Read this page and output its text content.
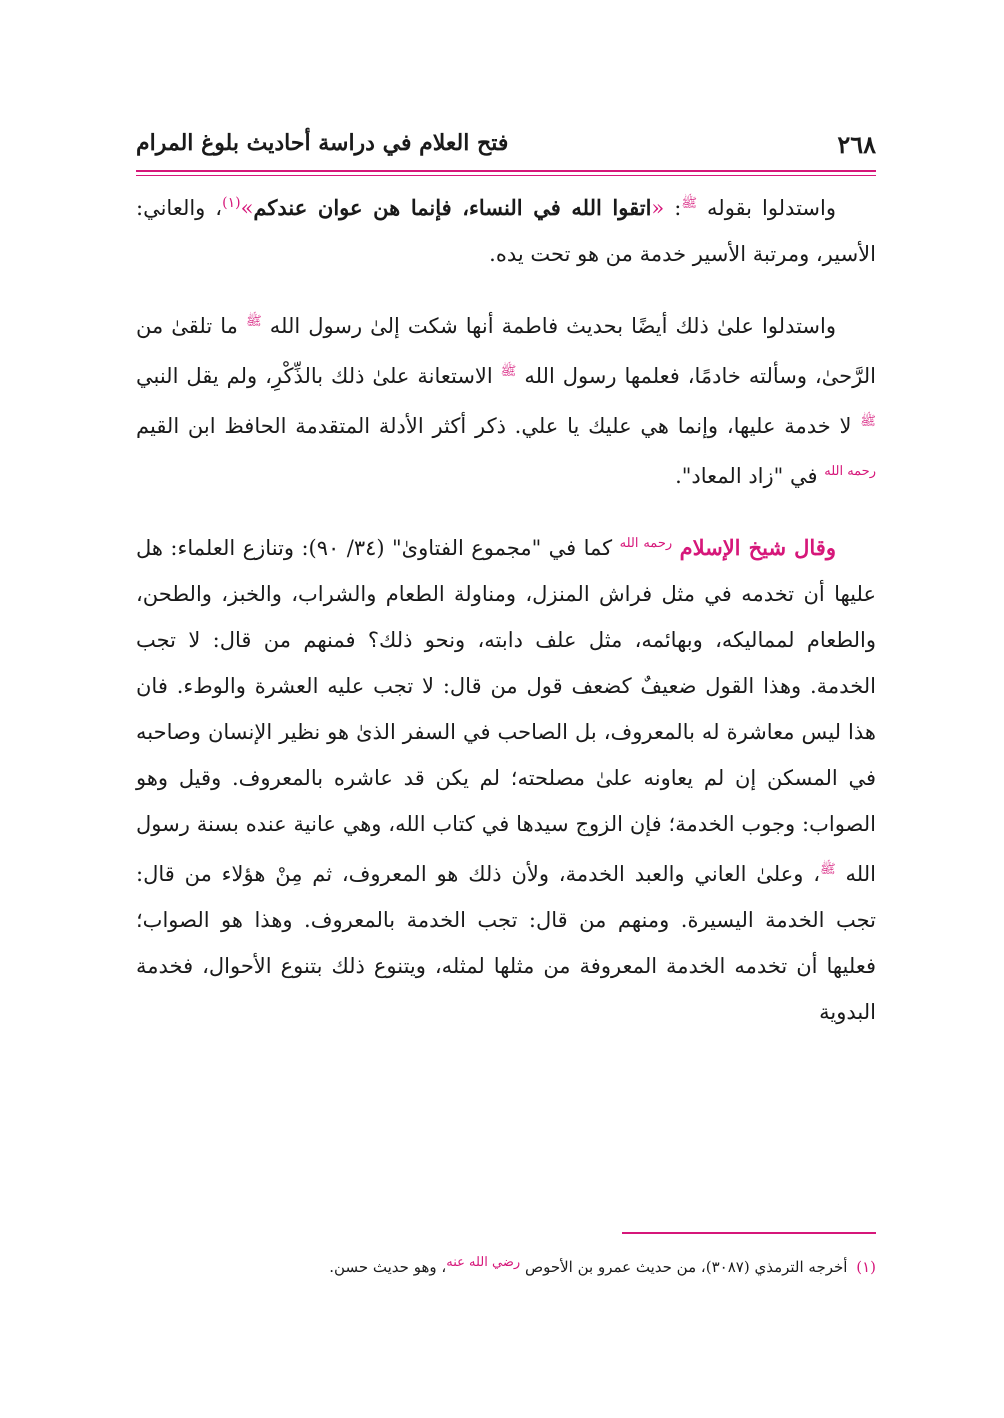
٢٦٨
فتح العلام في دراسة أحاديث بلوغ المرام

واستدلوا بقوله $^ﷺ$: «اتقوا الله في النساء، فإنما هن عوان عندكم»$^{(١)}$، والعاني: الأسير، ومرتبة الأسير خدمة من هو تحت يده.

واستدلوا علىٰ ذلك أيضًا بحديث فاطمة أنها شكت إلىٰ رسول الله $^ﷺ$ ما تلقىٰ من الرَّحىٰ، وسألته خادمًا، فعلمها رسول الله $^ﷺ$ الاستعانة علىٰ ذلك بالذِّكْرِ، ولم يقل النبي $^ﷺ$ لا خدمة عليها، وإنما هي عليك يا علي. ذكر أكثر الأدلة المتقدمة الحافظ ابن القيم $^{رحمه الله}$ في "زاد المعاد".

وقال شيخ الإسلام $^{رحمه الله}$ كما في "مجموع الفتاوىٰ" (٣٤/ ٩٠): وتنازع العلماء: هل عليها أن تخدمه في مثل فراش المنزل، ومناولة الطعام والشراب، والخبز، والطحن، والطعام لمماليكه، وبهائمه، مثل علف دابته، ونحو ذلك؟ فمنهم من قال: لا تجب الخدمة. وهذا القول ضعيفٌ كضعف قول من قال: لا تجب عليه العشرة والوطء. فان هذا ليس معاشرة له بالمعروف، بل الصاحب في السفر الذىٰ هو نظير الإنسان وصاحبه في المسكن إن لم يعاونه علىٰ مصلحته؛ لم يكن قد عاشره بالمعروف. وقيل وهو الصواب: وجوب الخدمة؛ فإن الزوج سيدها في كتاب الله، وهي عانية عنده بسنة رسول الله $^ﷺ$، وعلىٰ العاني والعبد الخدمة، ولأن ذلك هو المعروف، ثم مِنْ هؤلاء من قال: تجب الخدمة اليسيرة. ومنهم من قال: تجب الخدمة بالمعروف. وهذا هو الصواب؛ فعليها أن تخدمه الخدمة المعروفة من مثلها لمثله، ويتنوع ذلك بتنوع الأحوال، فخدمة البدوية

(١) أخرجه الترمذي (٣٠٨٧)، من حديث عمرو بن الأحوص رضي الله عنه، وهو حديث حسن.
